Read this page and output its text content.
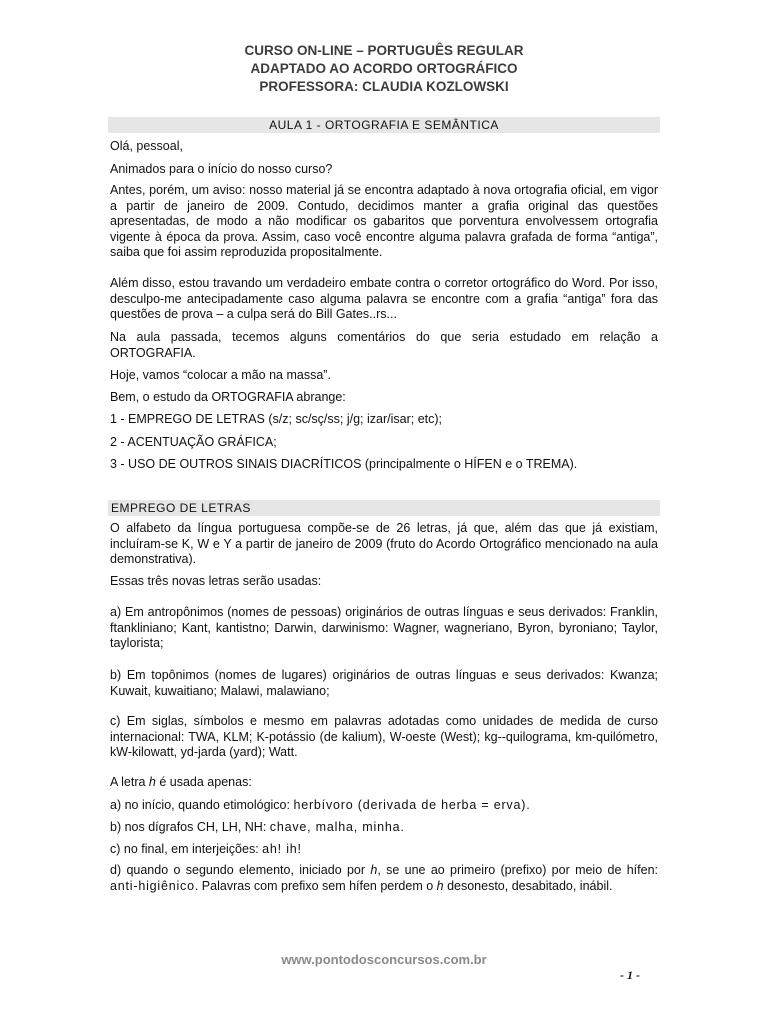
CURSO ON-LINE – PORTUGUÊS REGULAR
ADAPTADO AO ACORDO ORTOGRÁFICO
PROFESSORA: CLAUDIA KOZLOWSKI
AULA 1 - ORTOGRAFIA E SEMÂNTICA

Olá, pessoal,

Animados para o início do nosso curso?

Antes, porém, um aviso: nosso material já se encontra adaptado à nova ortografia oficial, em vigor a partir de janeiro de 2009. Contudo, decidimos manter a grafia original das questões apresentadas, de modo a não modificar os gabaritos que porventura envolvessem ortografia vigente à época da prova. Assim, caso você encontre alguma palavra grafada de forma “antiga”, saiba que foi assim reproduzida propositalmente.

Além disso, estou travando um verdadeiro embate contra o corretor ortográfico do Word. Por isso, desculpo-me antecipadamente caso alguma palavra se encontre com a grafia “antiga” fora das questões de prova – a culpa será do Bill Gates..rs...

Na aula passada, tecemos alguns comentários do que seria estudado em relação a ORTOGRAFIA.

Hoje, vamos “colocar a mão na massa”.

Bem, o estudo da ORTOGRAFIA abrange:

1 - EMPREGO DE LETRAS (s/z; sc/sç/ss; j/g; izar/isar; etc);

2 - ACENTUAÇÃO GRÁFICA;

3 - USO DE OUTROS SINAIS DIACRÍTICOS (principalmente o HÍFEN e o TREMA).

EMPREGO DE LETRAS

O alfabeto da língua portuguesa compõe-se de 26 letras, já que, além das que já existiam, incluíram-se K, W e Y a partir de janeiro de 2009 (fruto do Acordo Ortográfico mencionado na aula demonstrativa).

Essas três novas letras serão usadas:

a) Em antropônimos (nomes de pessoas) originários de outras línguas e seus derivados: Franklin, ftankliniano; Kant, kantistno; Darwin, darwinismo: Wagner, wagneriano, Byron, byroniano; Taylor, taylorista;

b) Em topônimos (nomes de lugares) originários de outras línguas e seus derivados: Kwanza; Kuwait, kuwaitiano; Malawi, malawiano;

c) Em siglas, símbolos e mesmo em palavras adotadas como unidades de medida de curso internacional: TWA, KLM; K-potássio (de kalium), W-oeste (West); kg--quilograma, km-quilómetro, kW-kilowatt, yd-jarda (yard); Watt.

A letra h é usada apenas:

a) no início, quando etimológico: herbívoro (derivada de herba = erva).

b) nos dígrafos CH, LH, NH: chave, malha, minha.

c) no final, em interjeições: ah! ih!

d) quando o segundo elemento, iniciado por h, se une ao primeiro (prefixo) por meio de hífen: anti-higiênico. Palavras com prefixo sem hífen perdem o h desonesto, desabitado, inábil.

www.pontodosconcursos.com.br
- 1 -
